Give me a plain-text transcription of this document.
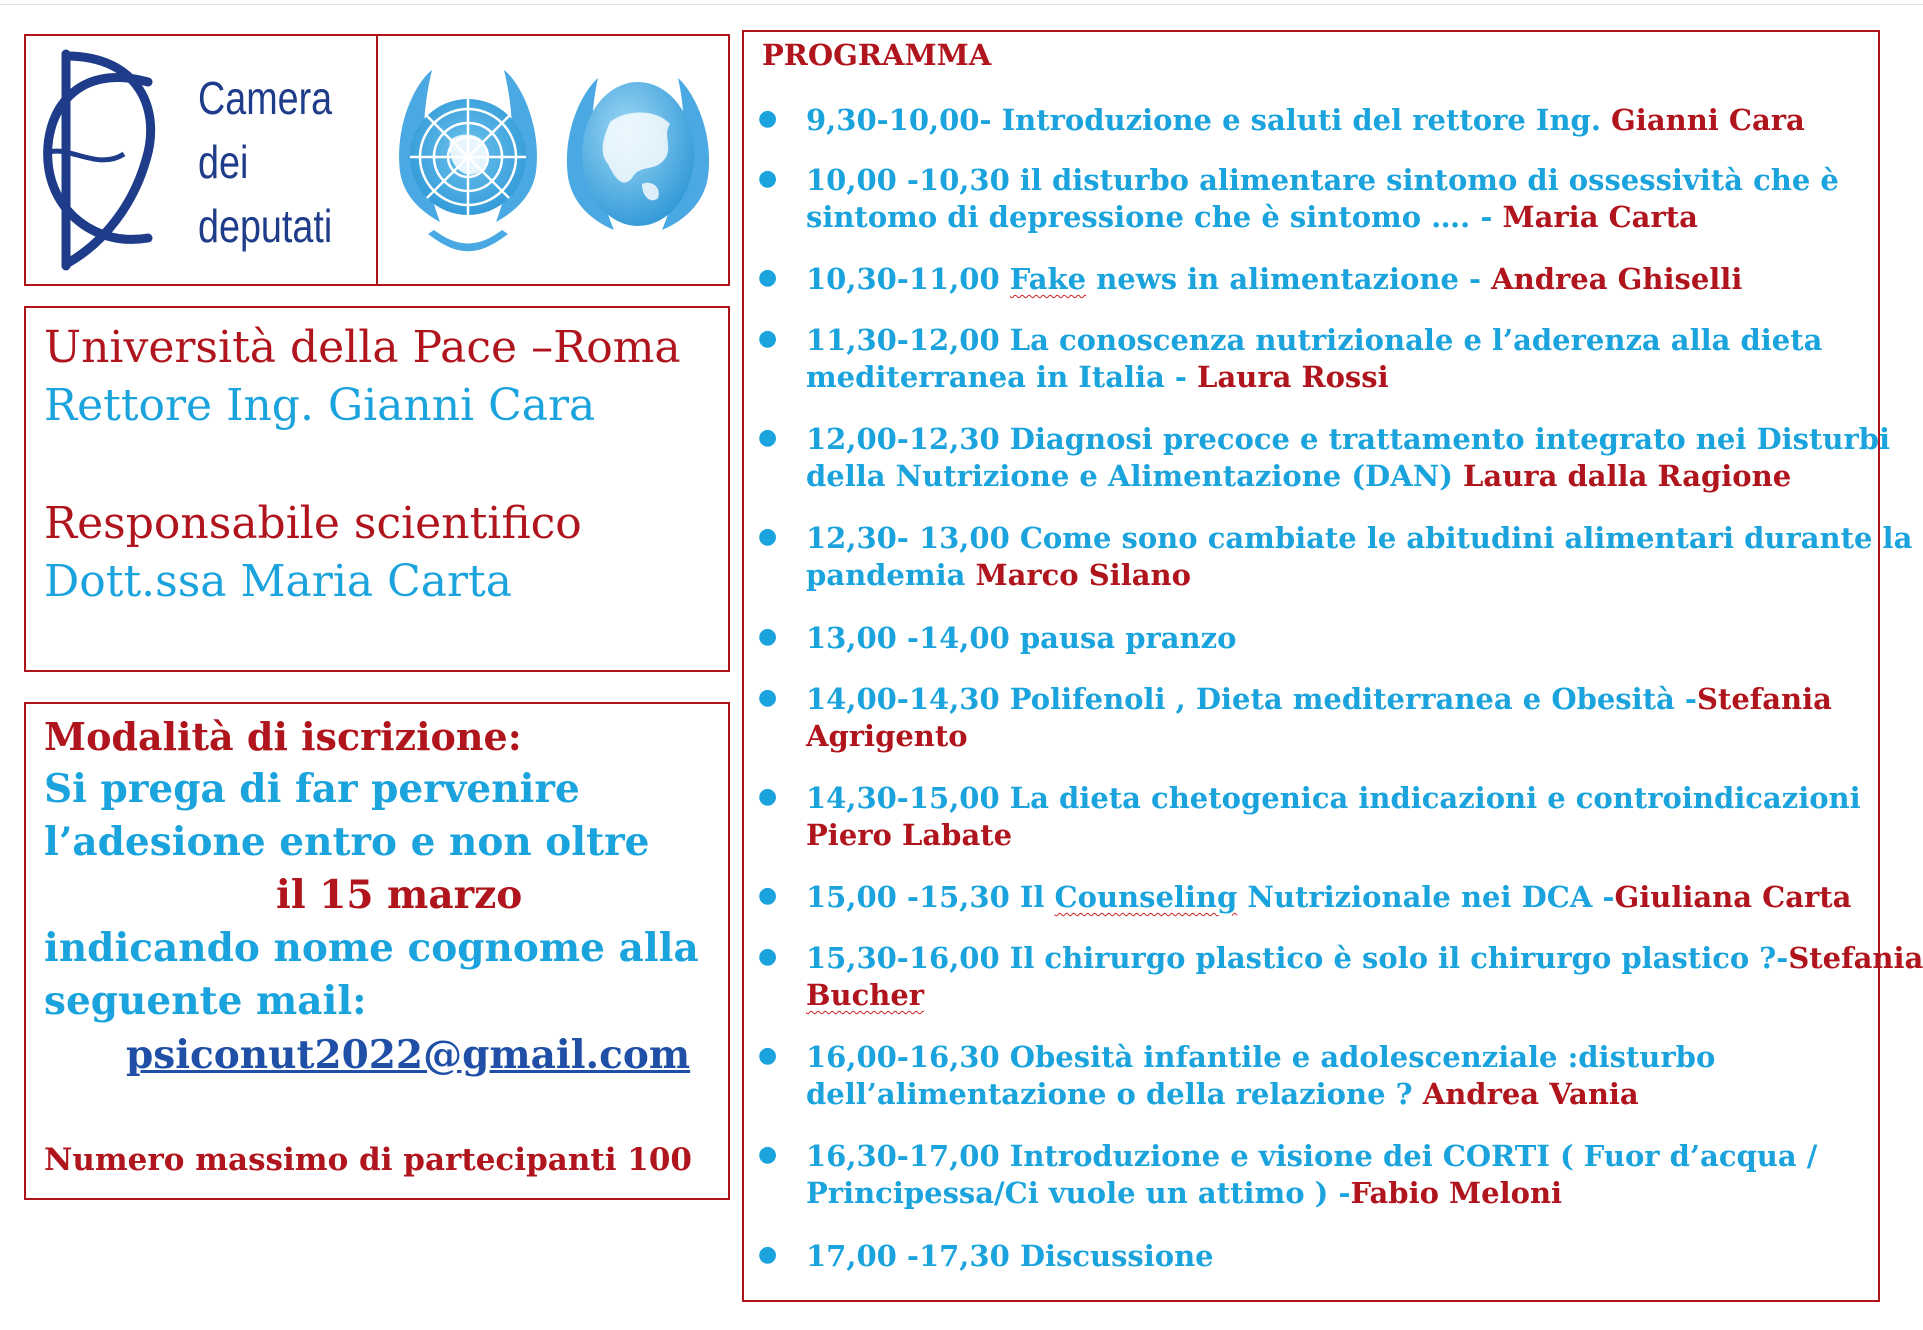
Camera
dei
deputati
Università della Pace –Roma
Rettore Ing. Gianni Cara
Responsabile scientifico
Dott.ssa Maria Carta
Modalità di iscrizione:
Si prega di far pervenire
l’adesione entro e non oltre
il 15 marzo
indicando nome cognome alla
seguente mail:
psiconut2022@gmail.com
Numero massimo di partecipanti 100
PROGRAMMA
● 9,30-10,00- Introduzione e saluti del rettore Ing. Gianni Cara
● 10,00 -10,30 il disturbo alimentare sintomo di ossessività che è
sintomo di depressione che è sintomo …. - Maria Carta
● 10,30-11,00 Fake news in alimentazione - Andrea Ghiselli
● 11,30-12,00 La conoscenza nutrizionale e l’aderenza alla dieta
mediterranea in Italia - Laura Rossi
● 12,00-12,30 Diagnosi precoce e trattamento integrato nei Disturbi
della Nutrizione e Alimentazione (DAN) Laura dalla Ragione
● 12,30- 13,00 Come sono cambiate le abitudini alimentari durante la
pandemia Marco Silano
● 13,00 -14,00 pausa pranzo
● 14,00-14,30 Polifenoli , Dieta mediterranea e Obesità -Stefania
Agrigento
● 14,30-15,00 La dieta chetogenica indicazioni e controindicazioni
Piero Labate
● 15,00 -15,30 Il Counseling Nutrizionale nei DCA -Giuliana Carta
● 15,30-16,00 Il chirurgo plastico è solo il chirurgo plastico ?-Stefania
Bucher
● 16,00-16,30 Obesità infantile e adolescenziale :disturbo
dell’alimentazione o della relazione ? Andrea Vania
● 16,30-17,00 Introduzione e visione dei CORTI ( Fuor d’acqua /
Principessa/Ci vuole un attimo ) -Fabio Meloni
● 17,00 -17,30 Discussione
